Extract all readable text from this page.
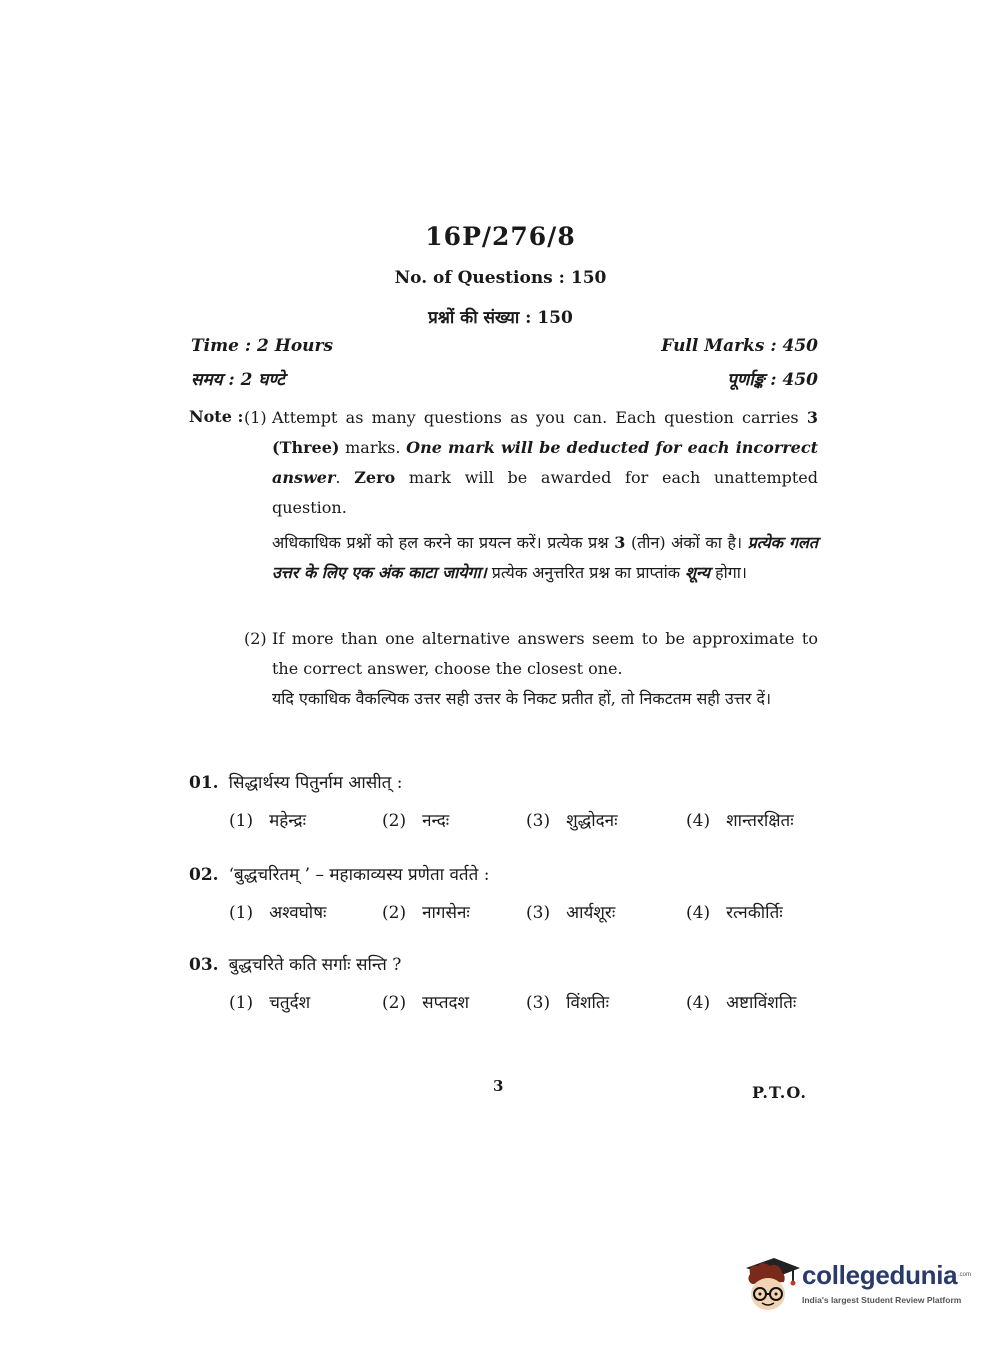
16P/276/8
No. of Questions : 150
प्रश्नों की संख्या : 150
Time : 2 Hours	Full Marks : 450
समय : 2 घण्टे	पूर्णाङ्क : 450
Note : (1) Attempt as many questions as you can. Each question carries 3 (Three) marks. One mark will be deducted for each incorrect answer. Zero mark will be awarded for each unattempted question.
अधिकाधिक प्रश्नों को हल करने का प्रयत्न करें। प्रत्येक प्रश्न 3 (तीन) अंकों का है। प्रत्येक गलत उत्तर के लिए एक अंक काटा जायेगा। प्रत्येक अनुत्तरित प्रश्न का प्राप्तांक शून्य होगा।
(2) If more than one alternative answers seem to be approximate to the correct answer, choose the closest one.
यदि एकाधिक वैकल्पिक उत्तर सही उत्तर के निकट प्रतीत हों, तो निकटतम सही उत्तर दें।
01. सिद्धार्थस्य पितुर्नाम आसीत् :
(1) महेन्द्रः	(2) नन्दः	(3) शुद्धोदनः	(4) शान्तरक्षितः
02. ‘बुद्धचरितम् ’ – महाकाव्यस्य प्रणेता वर्तते :
(1) अश्वघोषः	(2) नागसेनः	(3) आर्यशूरः	(4) रत्नकीर्तिः
03. बुद्धचरिते कति सर्गाः सन्ति ?
(1) चतुर्दश	(2) सप्तदश	(3) विंशतिः	(4) अष्टाविंशतिः
3	P.T.O.
collegedunia .com
India's largest Student Review Platform
